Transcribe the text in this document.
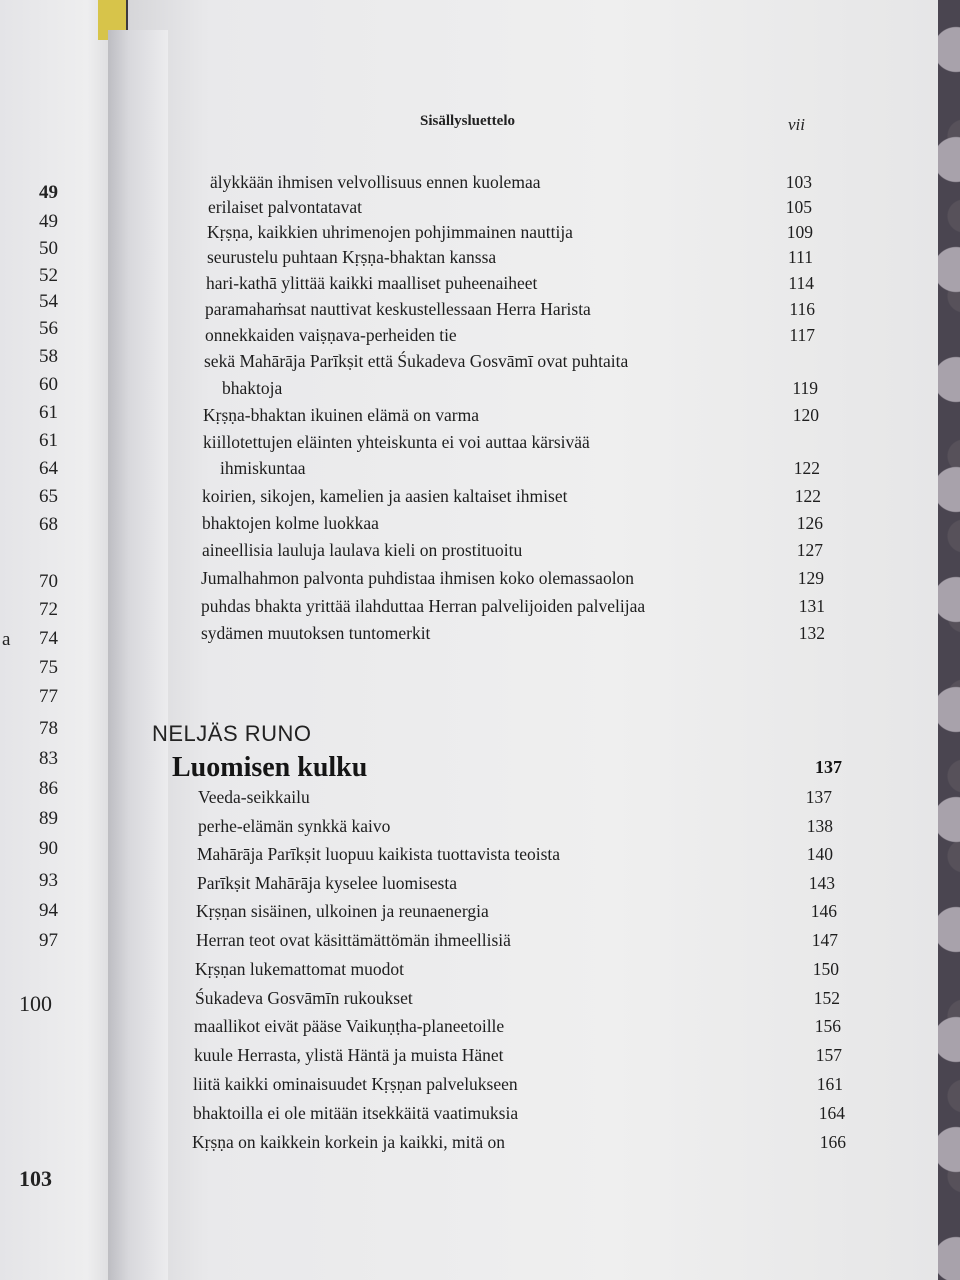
49
49
50
52
54
56
58
60
61
61
64
65
68
70
72
74
75
77
78
83
86
89
90
93
94
97
100
103
a
Sisällysluettelo	vii
älykkään ihmisen velvollisuus ennen kuolemaa	103
erilaiset palvontatavat	105
Kṛṣṇa, kaikkien uhrimenojen pohjimmainen nauttija	109
seurustelu puhtaan Kṛṣṇa-bhaktan kanssa	111
hari-kathā ylittää kaikki maalliset puheenaiheet	114
paramahaṁsat nauttivat keskustellessaan Herra Harista	116
onnekkaiden vaiṣṇava-perheiden tie	117
sekä Mahārāja Parīkṣit että Śukadeva Gosvāmī ovat puhtaita
bhaktoja	119
Kṛṣṇa-bhaktan ikuinen elämä on varma	120
kiillotettujen eläinten yhteiskunta ei voi auttaa kärsivää
ihmiskuntaa	122
koirien, sikojen, kamelien ja aasien kaltaiset ihmiset	122
bhaktojen kolme luokkaa	126
aineellisia lauluja laulava kieli on prostituoitu	127
Jumalhahmon palvonta puhdistaa ihmisen koko olemassaolon	129
puhdas bhakta yrittää ilahduttaa Herran palvelijoiden palvelijaa	131
sydämen muutoksen tuntomerkit	132
NELJÄS RUNO
Luomisen kulku	137
Veeda-seikkailu	137
perhe-elämän synkkä kaivo	138
Mahārāja Parīkṣit luopuu kaikista tuottavista teoista	140
Parīkṣit Mahārāja kyselee luomisesta	143
Kṛṣṇan sisäinen, ulkoinen ja reunaenergia	146
Herran teot ovat käsittämättömän ihmeellisiä	147
Kṛṣṇan lukemattomat muodot	150
Śukadeva Gosvāmīn rukoukset	152
maallikot eivät pääse Vaikuṇṭha-planeetoille	156
kuule Herrasta, ylistä Häntä ja muista Hänet	157
liitä kaikki ominaisuudet Kṛṣṇan palvelukseen	161
bhaktoilla ei ole mitään itsekkäitä vaatimuksia	164
Kṛṣṇa on kaikkein korkein ja kaikki, mitä on	166
